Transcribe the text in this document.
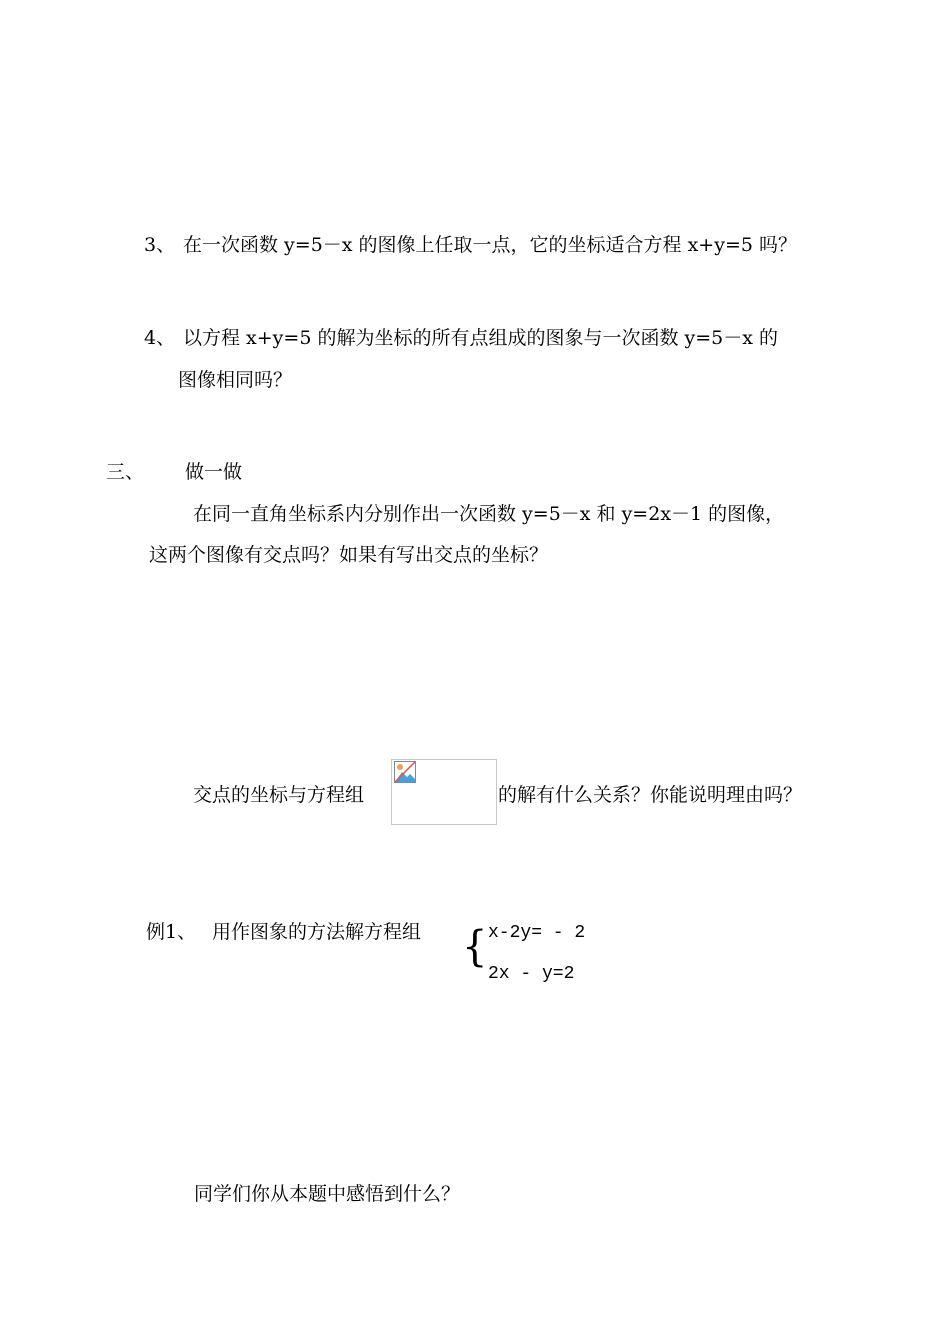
3、 在一次函数 y=5－x 的图像上任取一点，它的坐标适合方程 x+y=5 吗？
4、 以方程 x+y=5 的解为坐标的所有点组成的图象与一次函数 y=5－x 的
图像相同吗？
三、 做一做
在同一直角坐标系内分别作出一次函数 y=5－x 和 y=2x－1 的图像，
这两个图像有交点吗？如果有写出交点的坐标？
交点的坐标与方程组	的解有什么关系？你能说明理由吗？
例1、 用作图象的方法解方程组 { x-2y= - 2
2x - y=2
同学们你从本题中感悟到什么？
